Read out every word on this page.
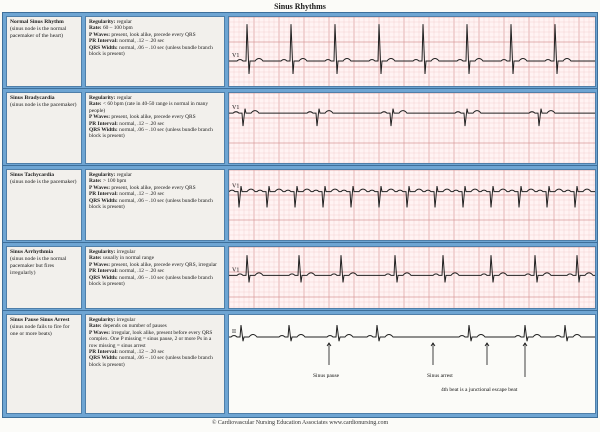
Sinus Rhythms
Normal Sinus Rhythm
(sinus node is the normal pacemaker of the heart)
Regularity: regular
Rate: 60 – 100 bpm
P Waves: present, look alike, precede every QRS
PR Interval: normal, .12 – .20 sec
QRS Width: normal, .06 – .10 sec (unless bundle branch block is present)	V1
Sinus Bradycardia
(sinus node is the pacemaker)
Regularity: regular
Rate: < 60 bpm (rate in 40-50 range is normal in many people)
P Waves: present, look alike, precede every QRS
PR Interval: normal, .12 – .20 sec
QRS Width: normal, .06 – .10 sec (unless bundle branch block is present)
V1
Sinus Tachycardia
(sinus node is the pacemaker)
Regularity: regular
Rate: > 100 bpm
P Waves: present, look alike, precede every QRS
PR Interval: normal, .12 – .20 sec
QRS Width: normal, .06 – .10 sec (unless bundle branch block is present)
V1
Sinus Arrhythmia
(sinus node is the normal pacemaker but fires irregularly)
Regularity: irregular
Rate: usually in normal range
P Waves: present, look alike, precede every QRS, irregular
PR Interval: normal, .12 – .20 sec
QRS Width: normal, .06 – .10 sec (unless bundle branch block is present)
V1
Sinus Pause Sinus Arrest
(sinus node fails to fire for one or more beats)
Regularity: irregular
Rate: depends on number of pauses
P Waves: irregular, look alike, present before every QRS complex. One P missing = sinus pause, 2 or more Ps in a row missing = sinus arrest
PR Interval: normal, .12 – .20 sec
QRS Width: normal, .06 – .10 sec (unless bundle branch block is present)
II
Sinus pause	Sinus arrest
4th beat is a junctional escape beat
© Cardiovascular Nursing Education Associates www.cardionursing.com
